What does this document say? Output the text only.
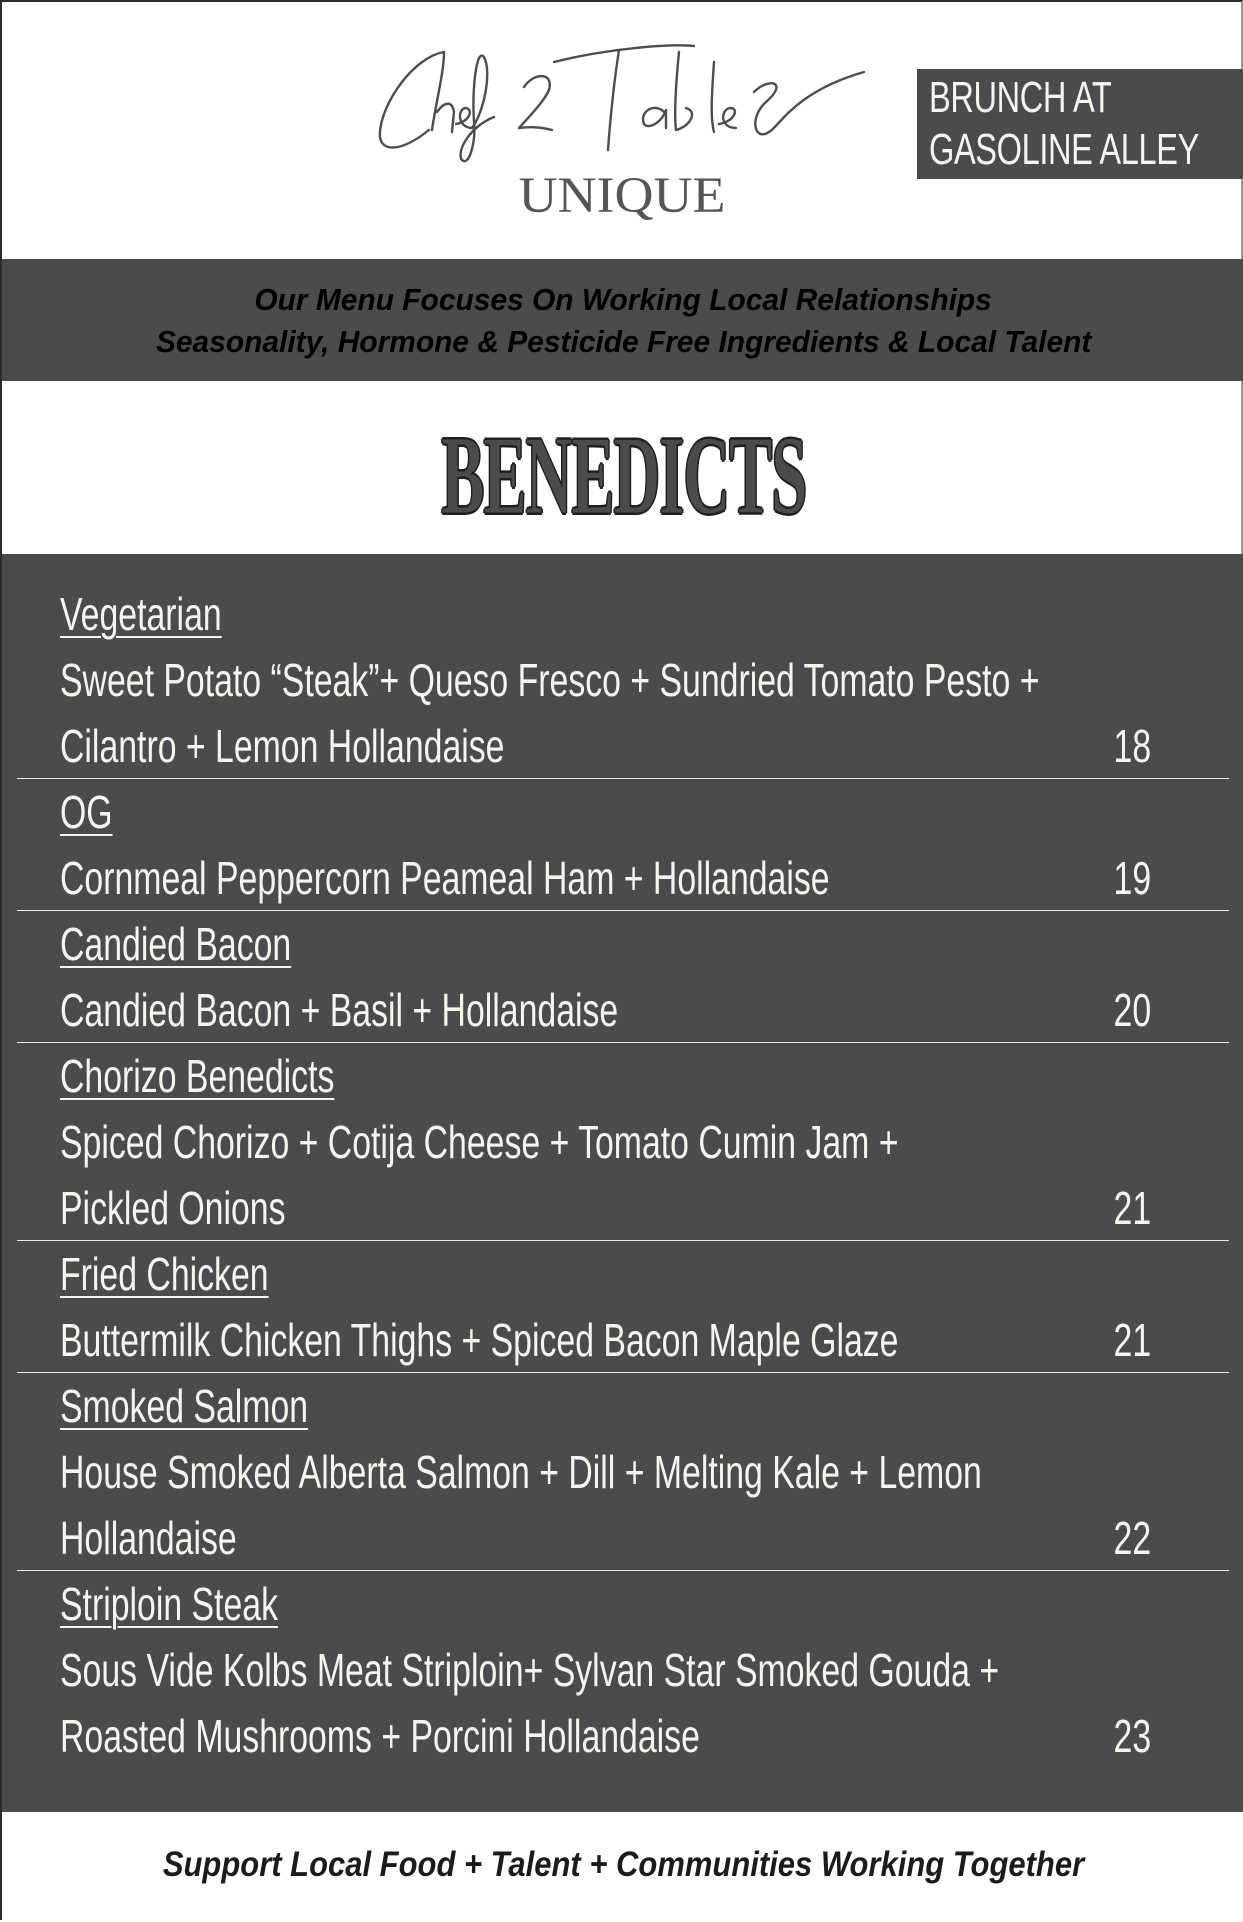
UNIQUE
BRUNCH AT
GASOLINE ALLEY
Our Menu Focuses On Working Local Relationships
Seasonality, Hormone & Pesticide Free Ingredients & Local Talent
BENEDICTS
Vegetarian
Sweet Potato “Steak”+ Queso Fresco + Sundried Tomato Pesto +
Cilantro + Lemon Hollandaise	18
OG
Cornmeal Peppercorn Peameal Ham + Hollandaise	19
Candied Bacon
Candied Bacon + Basil + Hollandaise	20
Chorizo Benedicts
Spiced Chorizo + Cotija Cheese + Tomato Cumin Jam +
Pickled Onions	21
Fried Chicken
Buttermilk Chicken Thighs + Spiced Bacon Maple Glaze	21
Smoked Salmon
House Smoked Alberta Salmon + Dill + Melting Kale + Lemon
Hollandaise	22
Striploin Steak
Sous Vide Kolbs Meat Striploin+ Sylvan Star Smoked Gouda +
Roasted Mushrooms + Porcini Hollandaise	23
Support Local Food + Talent + Communities Working Together
